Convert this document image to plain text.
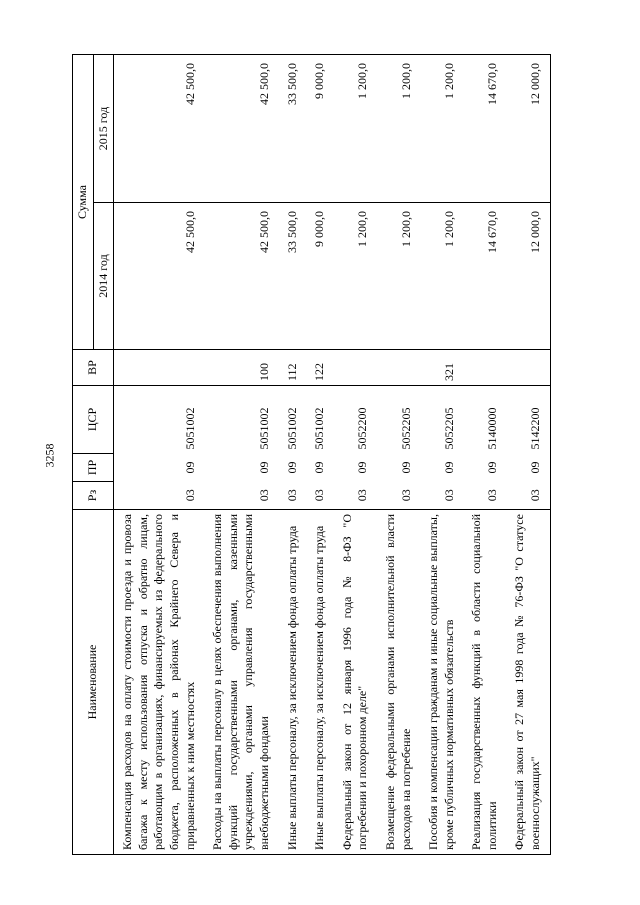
3258
Наименование	Рз	ПР	ЦСР	ВР	Сумма	
					2014 год	2015 год
Компенсация расходов на оплату стоимости проезда и провоза багажа к месту использования отпуска и обратно лицам, работающим в организациях, финансируемых из федерального бюджета, расположенных в районах Крайнего Севера и приравненных к ним местностях	03	09	5051002		42 500,0	42 500,0
Расходы на выплаты персоналу в целях обеспечения выполнения функций государственными органами, казенными учреждениями, органами управления государственными внебюджетными фондами	03	09	5051002	100	42 500,0	42 500,0
Иные выплаты персоналу, за исключением фонда оплаты труда	03	09	5051002	112	33 500,0	33 500,0
Иные выплаты персоналу, за исключением фонда оплаты труда	03	09	5051002	122	9 000,0	9 000,0
Федеральный закон от 12 января 1996 года № 8-ФЗ "О погребении и похоронном деле"	03	09	5052200		1 200,0	1 200,0
Возмещение федеральными органами исполнительной власти расходов на погребение	03	09	5052205		1 200,0	1 200,0
Пособия и компенсации гражданам и иные социальные выплаты, кроме публичных нормативных обязательств	03	09	5052205	321	1 200,0	1 200,0
Реализация государственных функций в области социальной политики	03	09	5140000		14 670,0	14 670,0
Федеральный закон от 27 мая 1998 года № 76-ФЗ "О статусе военнослужащих"	03	09	5142200		12 000,0	12 000,0
